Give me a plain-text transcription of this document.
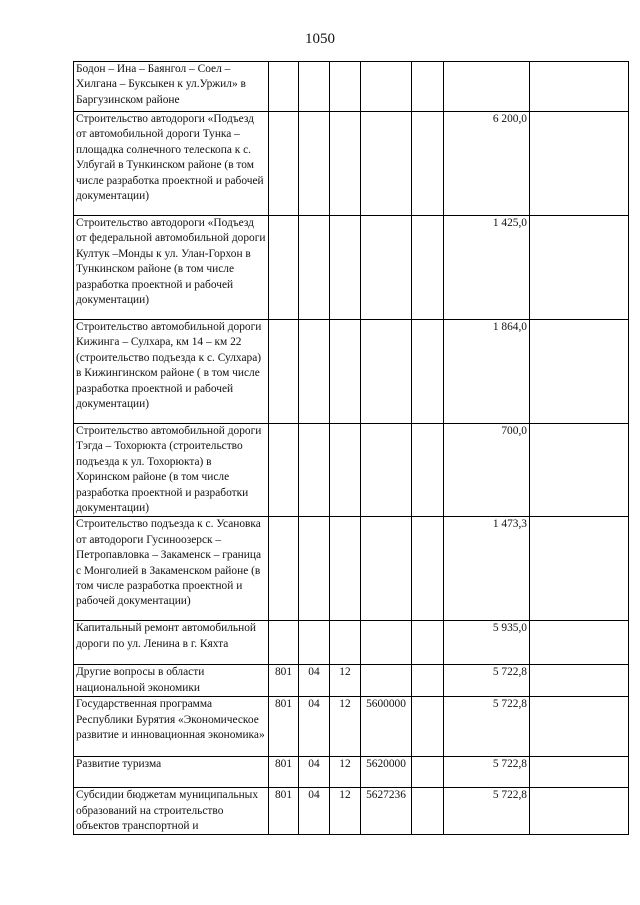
1050
Бодон – Ина – Баянгол – Соел – Хилгана – Буксыкен к ул.Уржил» в Баргузинском районе							
Строительство автодороги «Подъезд от автомобильной дороги Тунка – площадка солнечного телескопа к с. Улбугай в Тункинском районе (в том числе разработка проектной и рабочей документации)						6 200,0	
Строительство автодороги «Подъезд от федеральной автомобильной дороги Култук –Монды к ул. Улан-Горхон в Тункинском районе (в том числе разработка проектной и рабочей документации)						1 425,0	
Строительство автомобильной дороги Кижинга – Сулхара, км 14 – км 22 (строительство подъезда к с. Сулхара) в Кижингинском районе ( в том числе разработка проектной и рабочей документации)						1 864,0	
Строительство автомобильной дороги Тэгда – Тохорюкта (строительство подъезда к ул. Тохорюкта) в Хоринском районе (в том числе разработка проектной и разработки документации)						700,0	
Строительство подъезда к с. Усановка от автодороги Гусиноозерск – Петропавловка – Закаменск – граница с Монголией в Закаменском районе (в том числе разработка проектной и рабочей документации)						1 473,3	
Капитальный ремонт автомобильной дороги по ул. Ленина в г. Кяхта						5 935,0	
Другие вопросы в области национальной экономики	801	04	12			5 722,8	
Государственная программа Республики Бурятия «Экономическое развитие и инновационная экономика»	801	04	12	5600000		5 722,8	
Развитие туризма	801	04	12	5620000		5 722,8	
Субсидии бюджетам муниципальных образований на строительство объектов транспортной и	801	04	12	5627236		5 722,8	
